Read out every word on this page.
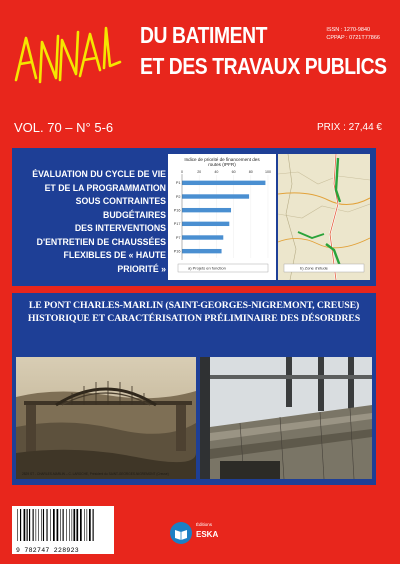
DU BATIMENT
ET DES TRAVAUX PUBLICS
ISSN : 1270-9840
CPPAP : 0721T77866
VOL. 70 – N° 5-6	PRIX : 27,44 €
ÉVALUATION DU CYCLE DE VIE
ET DE LA PROGRAMMATION
SOUS CONTRAINTES
BUDGÉTAIRES
DES INTERVENTIONS
D'ENTRETIEN DE CHAUSSÉES
FLEXIBLES DE « HAUTE
PRIORITÉ »
Indice de priorité de financement des
routes (IPFR)
0	20	40	60	80	100
P1
P2
P16
P17
P7
P16
a) Projets en fonction	b) Zone d'étude
LE PONT CHARLES-MARLIN (SAINT-GEORGES-NIGREMONT, CREUSE)
HISTORIQUE ET CARACTÉRISATION PRÉLIMINAIRE DES DÉSORDRES
2829 ST - CHARLES-MARLIN – C. LAROCHE, Président du SAINT-GEORGES-NIGREMONT (Creuse)
9 782747 228923
Éditions
ESKA
